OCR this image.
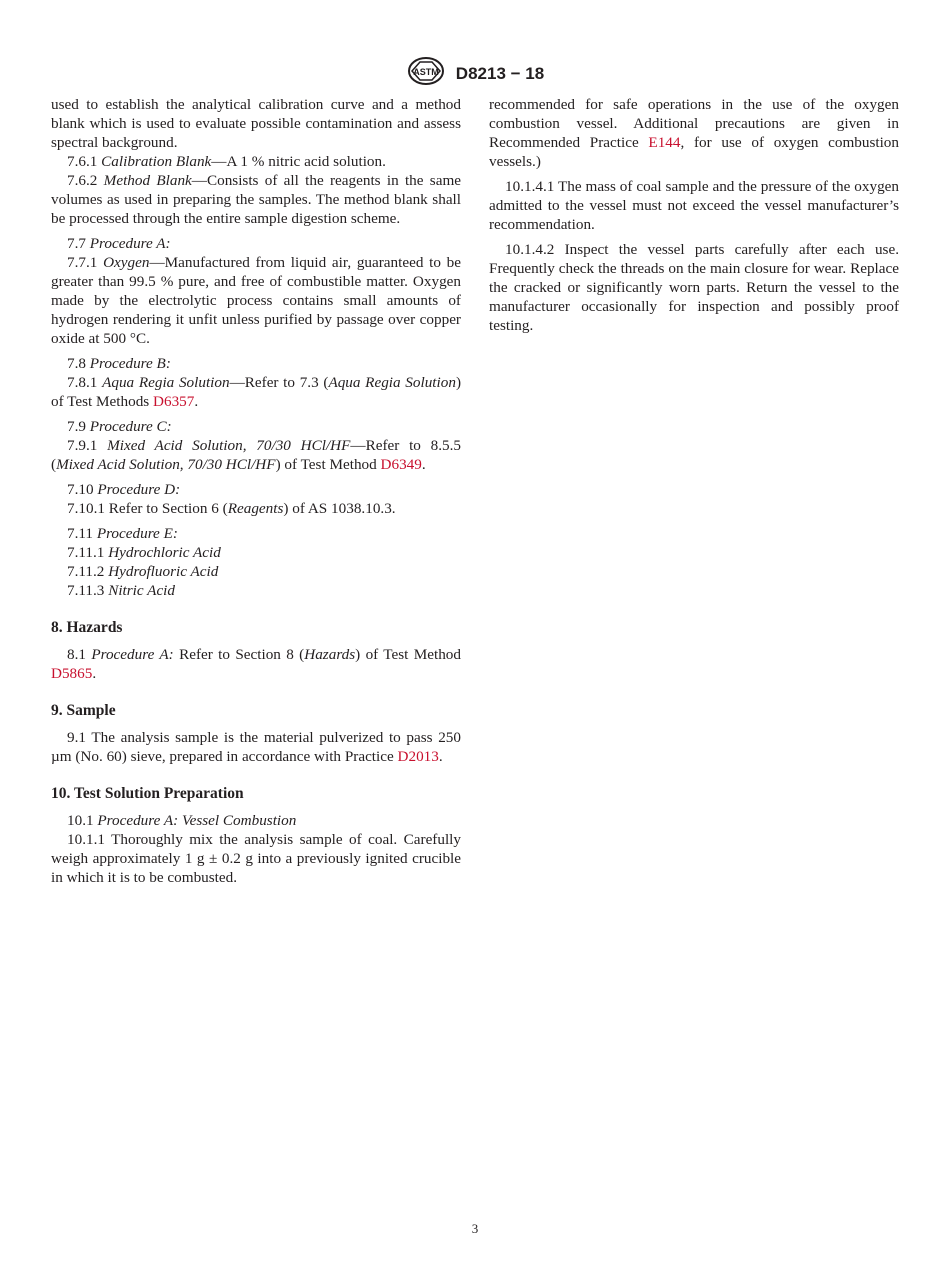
ASTM D8213 − 18

used to establish the analytical calibration curve and a method blank which is used to evaluate possible contamination and assess spectral background.

7.6.1 Calibration Blank—A 1 % nitric acid solution.

7.6.2 Method Blank—Consists of all the reagents in the same volumes as used in preparing the samples. The method blank shall be processed through the entire sample digestion scheme.

7.7 Procedure A:

7.7.1 Oxygen—Manufactured from liquid air, guaranteed to be greater than 99.5 % pure, and free of combustible matter. Oxygen made by the electrolytic process contains small amounts of hydrogen rendering it unfit unless purified by passage over copper oxide at 500 °C.

7.8 Procedure B:

7.8.1 Aqua Regia Solution—Refer to 7.3 (Aqua Regia Solution) of Test Methods D6357.

7.9 Procedure C:

7.9.1 Mixed Acid Solution, 70/30 HCl/HF—Refer to 8.5.5 (Mixed Acid Solution, 70/30 HCl/HF) of Test Method D6349.

7.10 Procedure D:

7.10.1 Refer to Section 6 (Reagents) of AS 1038.10.3.

7.11 Procedure E:

7.11.1 Hydrochloric Acid

7.11.2 Hydrofluoric Acid

7.11.3 Nitric Acid

8. Hazards

8.1 Procedure A: Refer to Section 8 (Hazards) of Test Method D5865.

9. Sample

9.1 The analysis sample is the material pulverized to pass 250 µm (No. 60) sieve, prepared in accordance with Practice D2013.

10. Test Solution Preparation

10.1 Procedure A: Vessel Combustion

10.1.1 Thoroughly mix the analysis sample of coal. Carefully weigh approximately 1 g ± 0.2 g into a previously ignited crucible in which it is to be combusted.

recommended for safe operations in the use of the oxygen combustion vessel. Additional precautions are given in Recommended Practice E144, for use of oxygen combustion vessels.)

10.1.4.1 The mass of coal sample and the pressure of the oxygen admitted to the vessel must not exceed the vessel manufacturer’s recommendation.

10.1.4.2 Inspect the vessel parts carefully after each use. Frequently check the threads on the main closure for wear. Replace the cracked or significantly worn parts. Return the vessel to the manufacturer occasionally for inspection and possibly proof testing.

3
